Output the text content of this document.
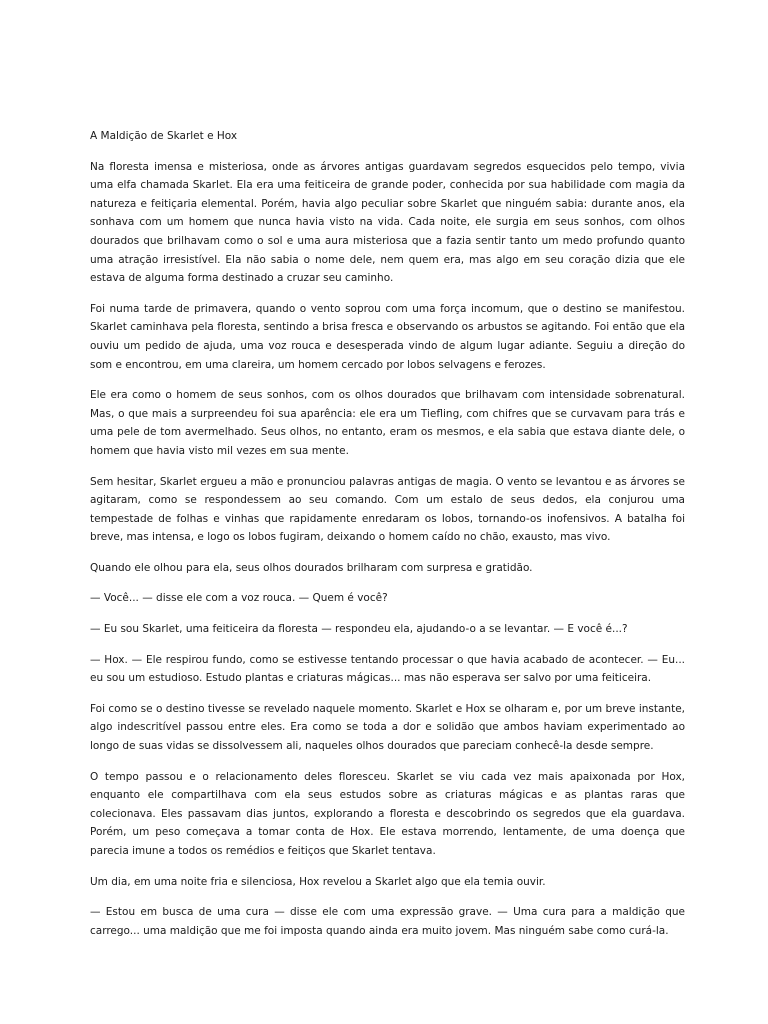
A Maldição de Skarlet e Hox

Na floresta imensa e misteriosa, onde as árvores antigas guardavam segredos esquecidos pelo tempo, vivia uma elfa chamada Skarlet. Ela era uma feiticeira de grande poder, conhecida por sua habilidade com magia da natureza e feitiçaria elemental. Porém, havia algo peculiar sobre Skarlet que ninguém sabia: durante anos, ela sonhava com um homem que nunca havia visto na vida. Cada noite, ele surgia em seus sonhos, com olhos dourados que brilhavam como o sol e uma aura misteriosa que a fazia sentir tanto um medo profundo quanto uma atração irresistível. Ela não sabia o nome dele, nem quem era, mas algo em seu coração dizia que ele estava de alguma forma destinado a cruzar seu caminho.

Foi numa tarde de primavera, quando o vento soprou com uma força incomum, que o destino se manifestou. Skarlet caminhava pela floresta, sentindo a brisa fresca e observando os arbustos se agitando. Foi então que ela ouviu um pedido de ajuda, uma voz rouca e desesperada vindo de algum lugar adiante. Seguiu a direção do som e encontrou, em uma clareira, um homem cercado por lobos selvagens e ferozes.

Ele era como o homem de seus sonhos, com os olhos dourados que brilhavam com intensidade sobrenatural. Mas, o que mais a surpreendeu foi sua aparência: ele era um Tiefling, com chifres que se curvavam para trás e uma pele de tom avermelhado. Seus olhos, no entanto, eram os mesmos, e ela sabia que estava diante dele, o homem que havia visto mil vezes em sua mente.

Sem hesitar, Skarlet ergueu a mão e pronunciou palavras antigas de magia. O vento se levantou e as árvores se agitaram, como se respondessem ao seu comando. Com um estalo de seus dedos, ela conjurou uma tempestade de folhas e vinhas que rapidamente enredaram os lobos, tornando-os inofensivos. A batalha foi breve, mas intensa, e logo os lobos fugiram, deixando o homem caído no chão, exausto, mas vivo.

Quando ele olhou para ela, seus olhos dourados brilharam com surpresa e gratidão.

— Você... — disse ele com a voz rouca. — Quem é você?

— Eu sou Skarlet, uma feiticeira da floresta — respondeu ela, ajudando-o a se levantar. — E você é...?

— Hox. — Ele respirou fundo, como se estivesse tentando processar o que havia acabado de acontecer. — Eu... eu sou um estudioso. Estudo plantas e criaturas mágicas... mas não esperava ser salvo por uma feiticeira.

Foi como se o destino tivesse se revelado naquele momento. Skarlet e Hox se olharam e, por um breve instante, algo indescritível passou entre eles. Era como se toda a dor e solidão que ambos haviam experimentado ao longo de suas vidas se dissolvessem ali, naqueles olhos dourados que pareciam conhecê-la desde sempre.

O tempo passou e o relacionamento deles floresceu. Skarlet se viu cada vez mais apaixonada por Hox, enquanto ele compartilhava com ela seus estudos sobre as criaturas mágicas e as plantas raras que colecionava. Eles passavam dias juntos, explorando a floresta e descobrindo os segredos que ela guardava. Porém, um peso começava a tomar conta de Hox. Ele estava morrendo, lentamente, de uma doença que parecia imune a todos os remédios e feitiços que Skarlet tentava.

Um dia, em uma noite fria e silenciosa, Hox revelou a Skarlet algo que ela temia ouvir.

— Estou em busca de uma cura — disse ele com uma expressão grave. — Uma cura para a maldição que carrego... uma maldição que me foi imposta quando ainda era muito jovem. Mas ninguém sabe como curá-la.
